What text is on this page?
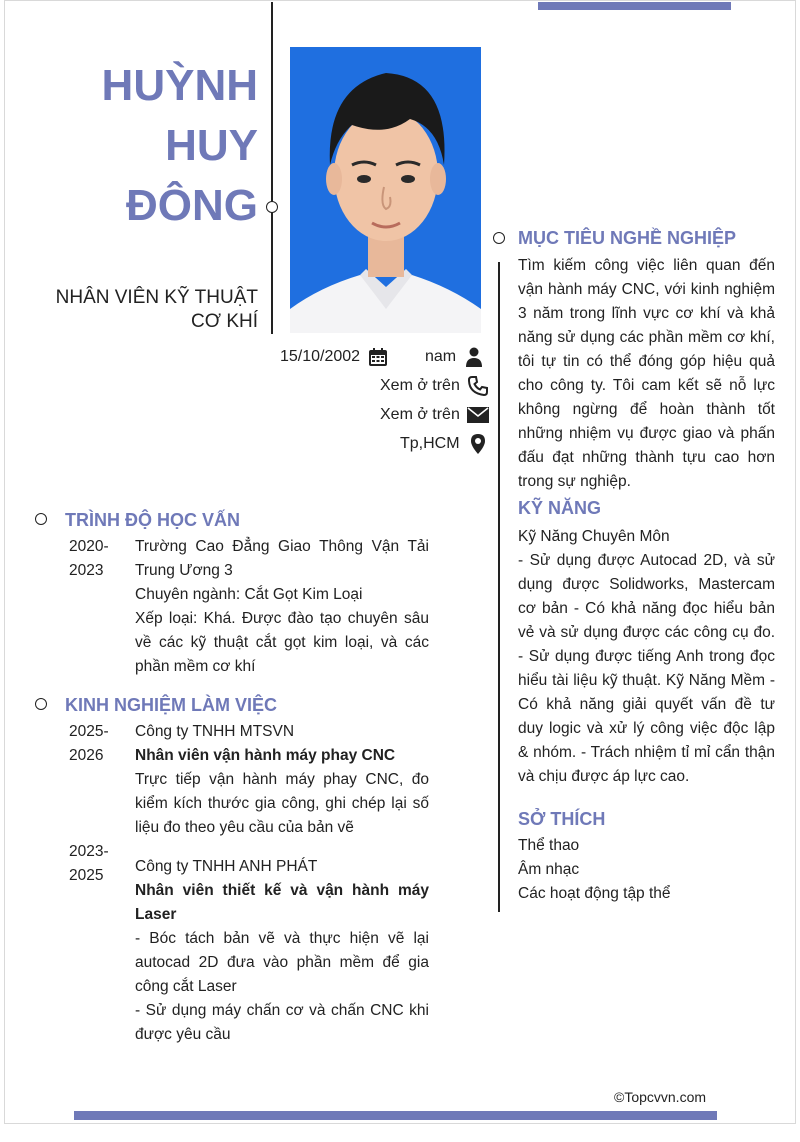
HUỲNH
HUY
ĐÔNG
NHÂN VIÊN KỸ THUẬT
CƠ KHÍ
15/10/2002	nam
Xem ở trên
Xem ở trên
Tp,HCM
MỤC TIÊU NGHỀ NGHIỆP
Tìm kiếm công việc liên quan đến vận hành máy CNC, với kinh nghiệm 3 năm trong lĩnh vực cơ khí và khả năng sử dụng các phần mềm cơ khí, tôi tự tin có thể đóng góp hiệu quả cho công ty. Tôi cam kết sẽ nỗ lực không ngừng để hoàn thành tốt những nhiệm vụ được giao và phấn đấu đạt những thành tựu cao hơn trong sự nghiệp.
KỸ NĂNG
Kỹ Năng Chuyên Môn
- Sử dụng được Autocad 2D, và sử dụng được Solidworks, Mastercam cơ bản - Có khả năng đọc hiểu bản vẻ và sử dụng được các công cụ đo. - Sử dụng được tiếng Anh trong đọc hiểu tài liệu kỹ thuật. Kỹ Năng Mềm - Có khả năng giải quyết vấn đề tư duy logic và xử lý công việc độc lập & nhóm. - Trách nhiệm tỉ mỉ cẩn thận và chịu được áp lực cao.
SỞ THÍCH
Thể thao
Âm nhạc
Các hoạt động tập thể
TRÌNH ĐỘ HỌC VẤN
2020-
2023
Trường Cao Đẳng Giao Thông Vận Tải Trung Ương 3
Chuyên ngành: Cắt Gọt Kim Loại
Xếp loại: Khá. Được đào tạo chuyên sâu về các kỹ thuật cắt gọt kim loại, và các phần mềm cơ khí
KINH NGHIỆM LÀM VIỆC
2025-
2026
Công ty TNHH MTSVN
Nhân viên vận hành máy phay CNC
Trực tiếp vận hành máy phay CNC, đo kiểm kích thước gia công, ghi chép lại số liệu đo theo yêu cầu của bản vẽ
2023-
2025
Công ty TNHH ANH PHÁT
Nhân viên thiết kế và vận hành máy Laser
- Bóc tách bản vẽ và thực hiện vẽ lại autocad 2D đưa vào phần mềm để gia công cắt Laser
- Sử dụng máy chấn cơ và chấn CNC khi được yêu cầu
©Topcvvn.com
